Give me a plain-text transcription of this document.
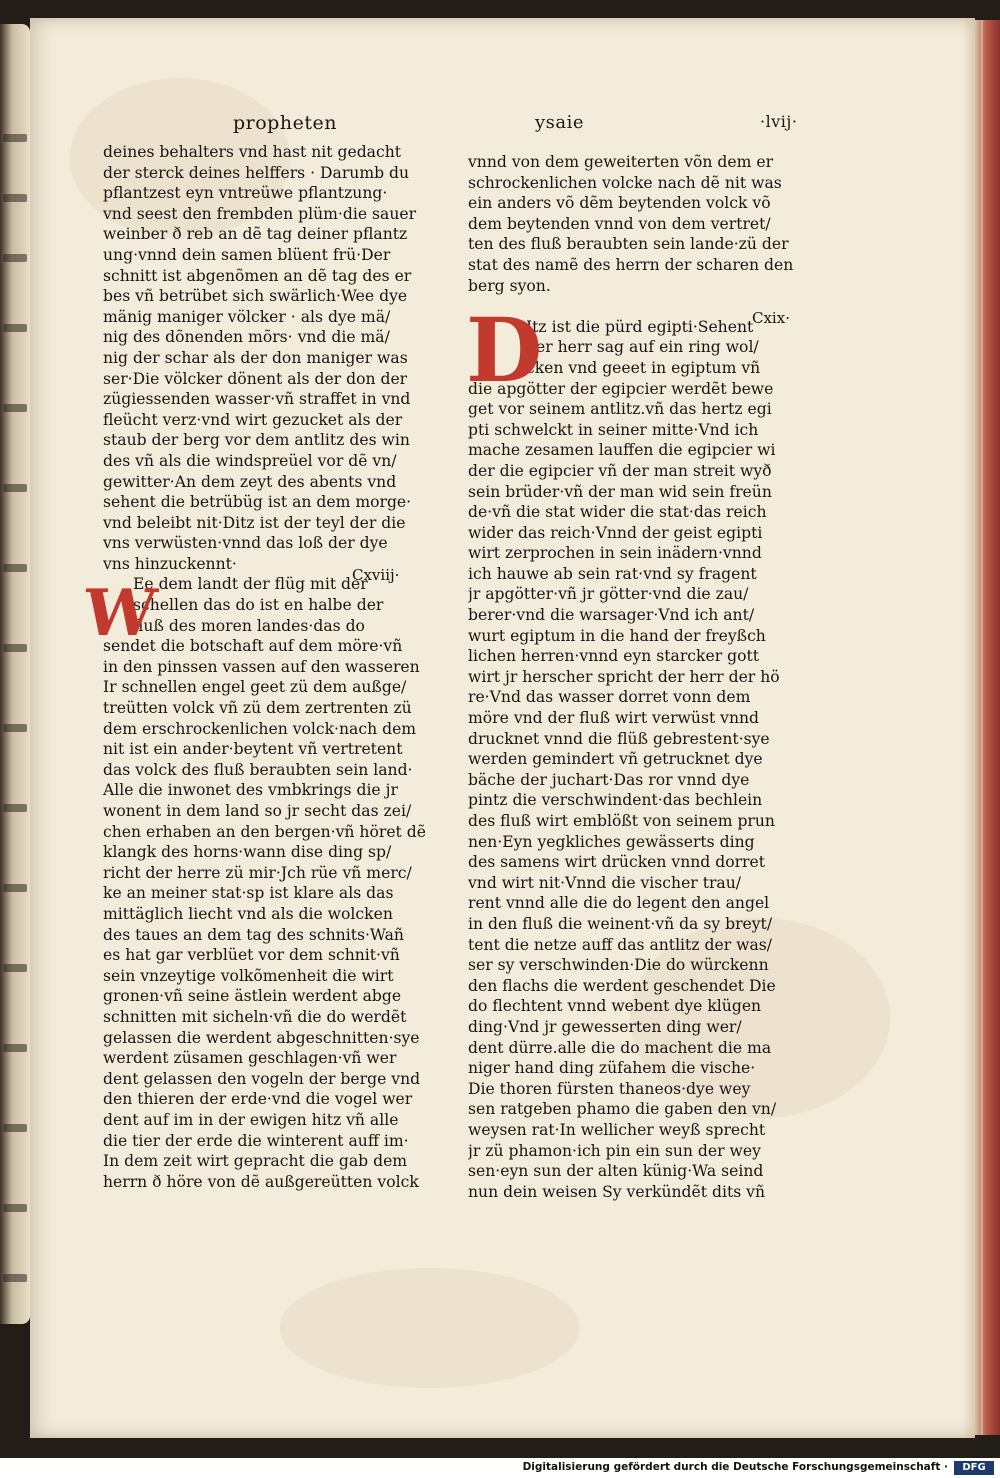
propheten	ysaie	·lvij·
deines behalters vnd hast nit gedacht
der sterck deines helffers · Darumb du
pflantzest eyn vntreüwe pflantzung·
vnd seest den frembden plüm·die sauer
weinber ð reb an dẽ tag deiner pflantz
ung·vnnd dein samen blüent frü·Der
schnitt ist abgenõmen an dẽ tag des er
bes vñ betrübet sich swärlich·Wee dye
mänig maniger völcker · als dye mä/
nig des dõnenden mõrs· vnd die mä/
nig der schar als der don maniger was
ser·Die völcker dönent als der don der
zügiessenden wasser·vñ straffet in vnd
fleücht verz·vnd wirt gezucket als der
staub der berg vor dem antlitz des win
des vñ als die windspreüel vor dẽ vn/
gewitter·An dem zeyt des abents vnd
sehent die betrübüg ist an dem morge·
vnd beleibt nit·Ditz ist der teyl der die
vns verwüsten·vnnd das loß der dye
vns hinzuckennt·
Ee dem landt der flüg mit der
schellen das do ist en halbe der
fluß des moren landes·das do
sendet die botschaft auf dem möre·vñ
in den pinssen vassen auf den wasseren
Ir schnellen engel geet zü dem außge/
treütten volck vñ zü dem zertrenten zü
dem erschrockenlichen volck·nach dem
nit ist ein ander·beytent vñ vertretent
das volck des fluß beraubten sein land·
Alle die inwonet des vmbkrings die jr
wonent in dem land so jr secht das zei/
chen erhaben an den bergen·vñ höret dẽ
klangk des horns·wann dise ding sp/
richt der herre zü mir·Jch rüe vñ merc/
ke an meiner stat·sp ist klare als das
mittäglich liecht vnd als die wolcken
des taues an dem tag des schnits·Wañ
es hat gar verblüet vor dem schnit·vñ
sein vnzeytige volkõmenheit die wirt
gronen·vñ seine ästlein werdent abge
schnitten mit sicheln·vñ die do werdẽt
gelassen die werdent abgeschnitten·sye
werdent züsamen geschlagen·vñ wer
dent gelassen den vogeln der berge vnd
den thieren der erde·vnd die vogel wer
dent auf im in der ewigen hitz vñ alle
die tier der erde die winterent auff im·
In dem zeit wirt gepracht die gab dem
herrn ð höre von dẽ außgereütten volck
vnnd von dem geweiterten võn dem er
schrockenlichen volcke nach dẽ nit was
ein anders võ dẽm beytenden volck võ
dem beytenden vnnd von dem vertret/
ten des fluß beraubten sein lande·zü der
stat des namẽ des herrn der scharen den
berg syon.
Itz ist die pürd egipti·Sehent
der herr sag auf ein ring wol/
cken vnd geeet in egiptum vñ
die apgötter der egipcier werdẽt bewe
get vor seinem antlitz.vñ das hertz egi
pti schwelckt in seiner mitte·Vnd ich
mache zesamen lauffen die egipcier wi
der die egipcier vñ der man streit wyð
sein brüder·vñ der man wid sein freün
de·vñ die stat wider die stat·das reich
wider das reich·Vnnd der geist egipti
wirt zerprochen in sein inädern·vnnd
ich hauwe ab sein rat·vnd sy fragent
jr apgötter·vñ jr götter·vnd die zau/
berer·vnd die warsager·Vnd ich ant/
wurt egiptum in die hand der freyßch
lichen herren·vnnd eyn starcker gott
wirt jr herscher spricht der herr der hö
re·Vnd das wasser dorret vonn dem
möre vnd der fluß wirt verwüst vnnd
drucknet vnnd die flüß gebrestent·sye
werden gemindert vñ getrucknet dye
bäche der juchart·Das ror vnnd dye
pintz die verschwindent·das bechlein
des fluß wirt emblößt von seinem prun
nen·Eyn yegkliches gewässerts ding
des samens wirt drücken vnnd dorret
vnd wirt nit·Vnnd die vischer trau/
rent vnnd alle die do legent den angel
in den fluß die weinent·vñ da sy breyt/
tent die netze auff das antlitz der was/
ser sy verschwinden·Die do würckenn
den flachs die werdent geschendet Die
do flechtent vnnd webent dye klügen
ding·Vnd jr gewesserten ding wer/
dent dürre.alle die do machent die ma
niger hand ding züfahem die vische·
Die thoren fürsten thaneos·dye wey
sen ratgeben phamo die gaben den vn/
weysen rat·In wellicher weyß sprecht
jr zü phamon·ich pin ein sun der wey
sen·eyn sun der alten künig·Wa seind
nun dein weisen Sy verkündẽt dits vñ
W
D
Cxviij·
Cxix·
Digitalisierung gefördert durch die Deutsche Forschungsgemeinschaft ·	DFG
